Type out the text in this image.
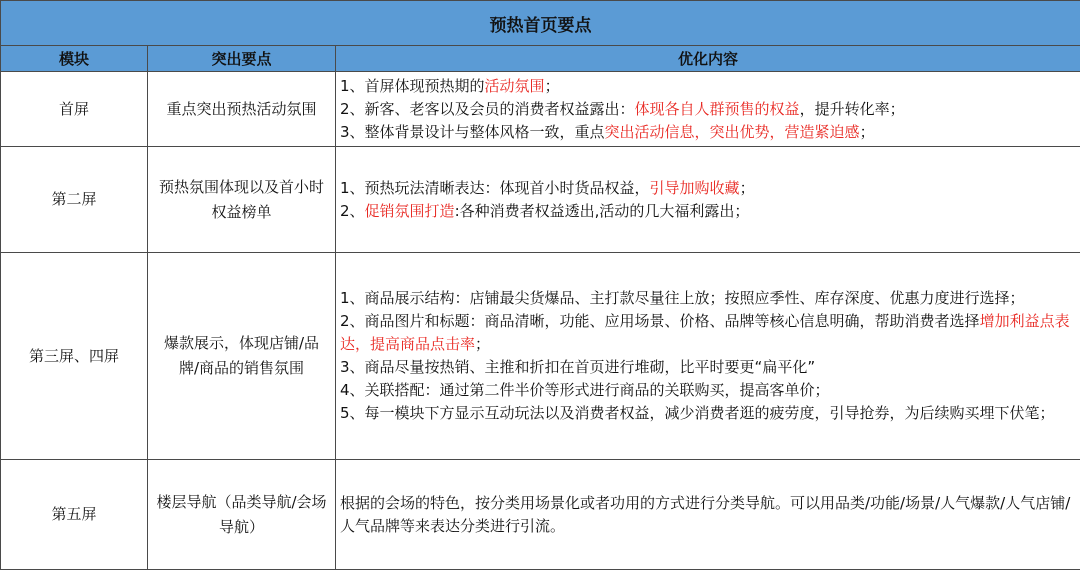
预热首页要点		
模块	突出要点	优化内容
首屏	重点突出预热活动氛围	1、首屏体现预热期的活动氛围；
2、新客、老客以及会员的消费者权益露出：体现各自人群预售的权益，提升转化率；
3、整体背景设计与整体风格一致，重点突出活动信息，突出优势，营造紧迫感；

第二屏	预热氛围体现以及首小时权益榜单	1、预热玩法清晰表达：体现首小时货品权益，引导加购收藏；
2、促销氛围打造:各种消费者权益透出,活动的几大福利露出；

第三屏、四屏	爆款展示，体现店铺/品牌/商品的销售氛围	1、商品展示结构：店铺最尖货爆品、主打款尽量往上放；按照应季性、库存深度、优惠力度进行选择；
2、商品图片和标题：商品清晰，功能、应用场景、价格、品牌等核心信息明确，帮助消费者选择增加利益点表达，提高商品点击率；
3、商品尽量按热销、主推和折扣在首页进行堆砌，比平时要更“扁平化”
4、关联搭配：通过第二件半价等形式进行商品的关联购买，提高客单价；
5、每一模块下方显示互动玩法以及消费者权益，减少消费者逛的疲劳度，引导抢券，为后续购买埋下伏笔；

第五屏	楼层导航（品类导航/会场导航）	根据的会场的特色，按分类用场景化或者功用的方式进行分类导航。可以用品类/功能/场景/人气爆款/人气店铺/人气品牌等来表达分类进行引流。
